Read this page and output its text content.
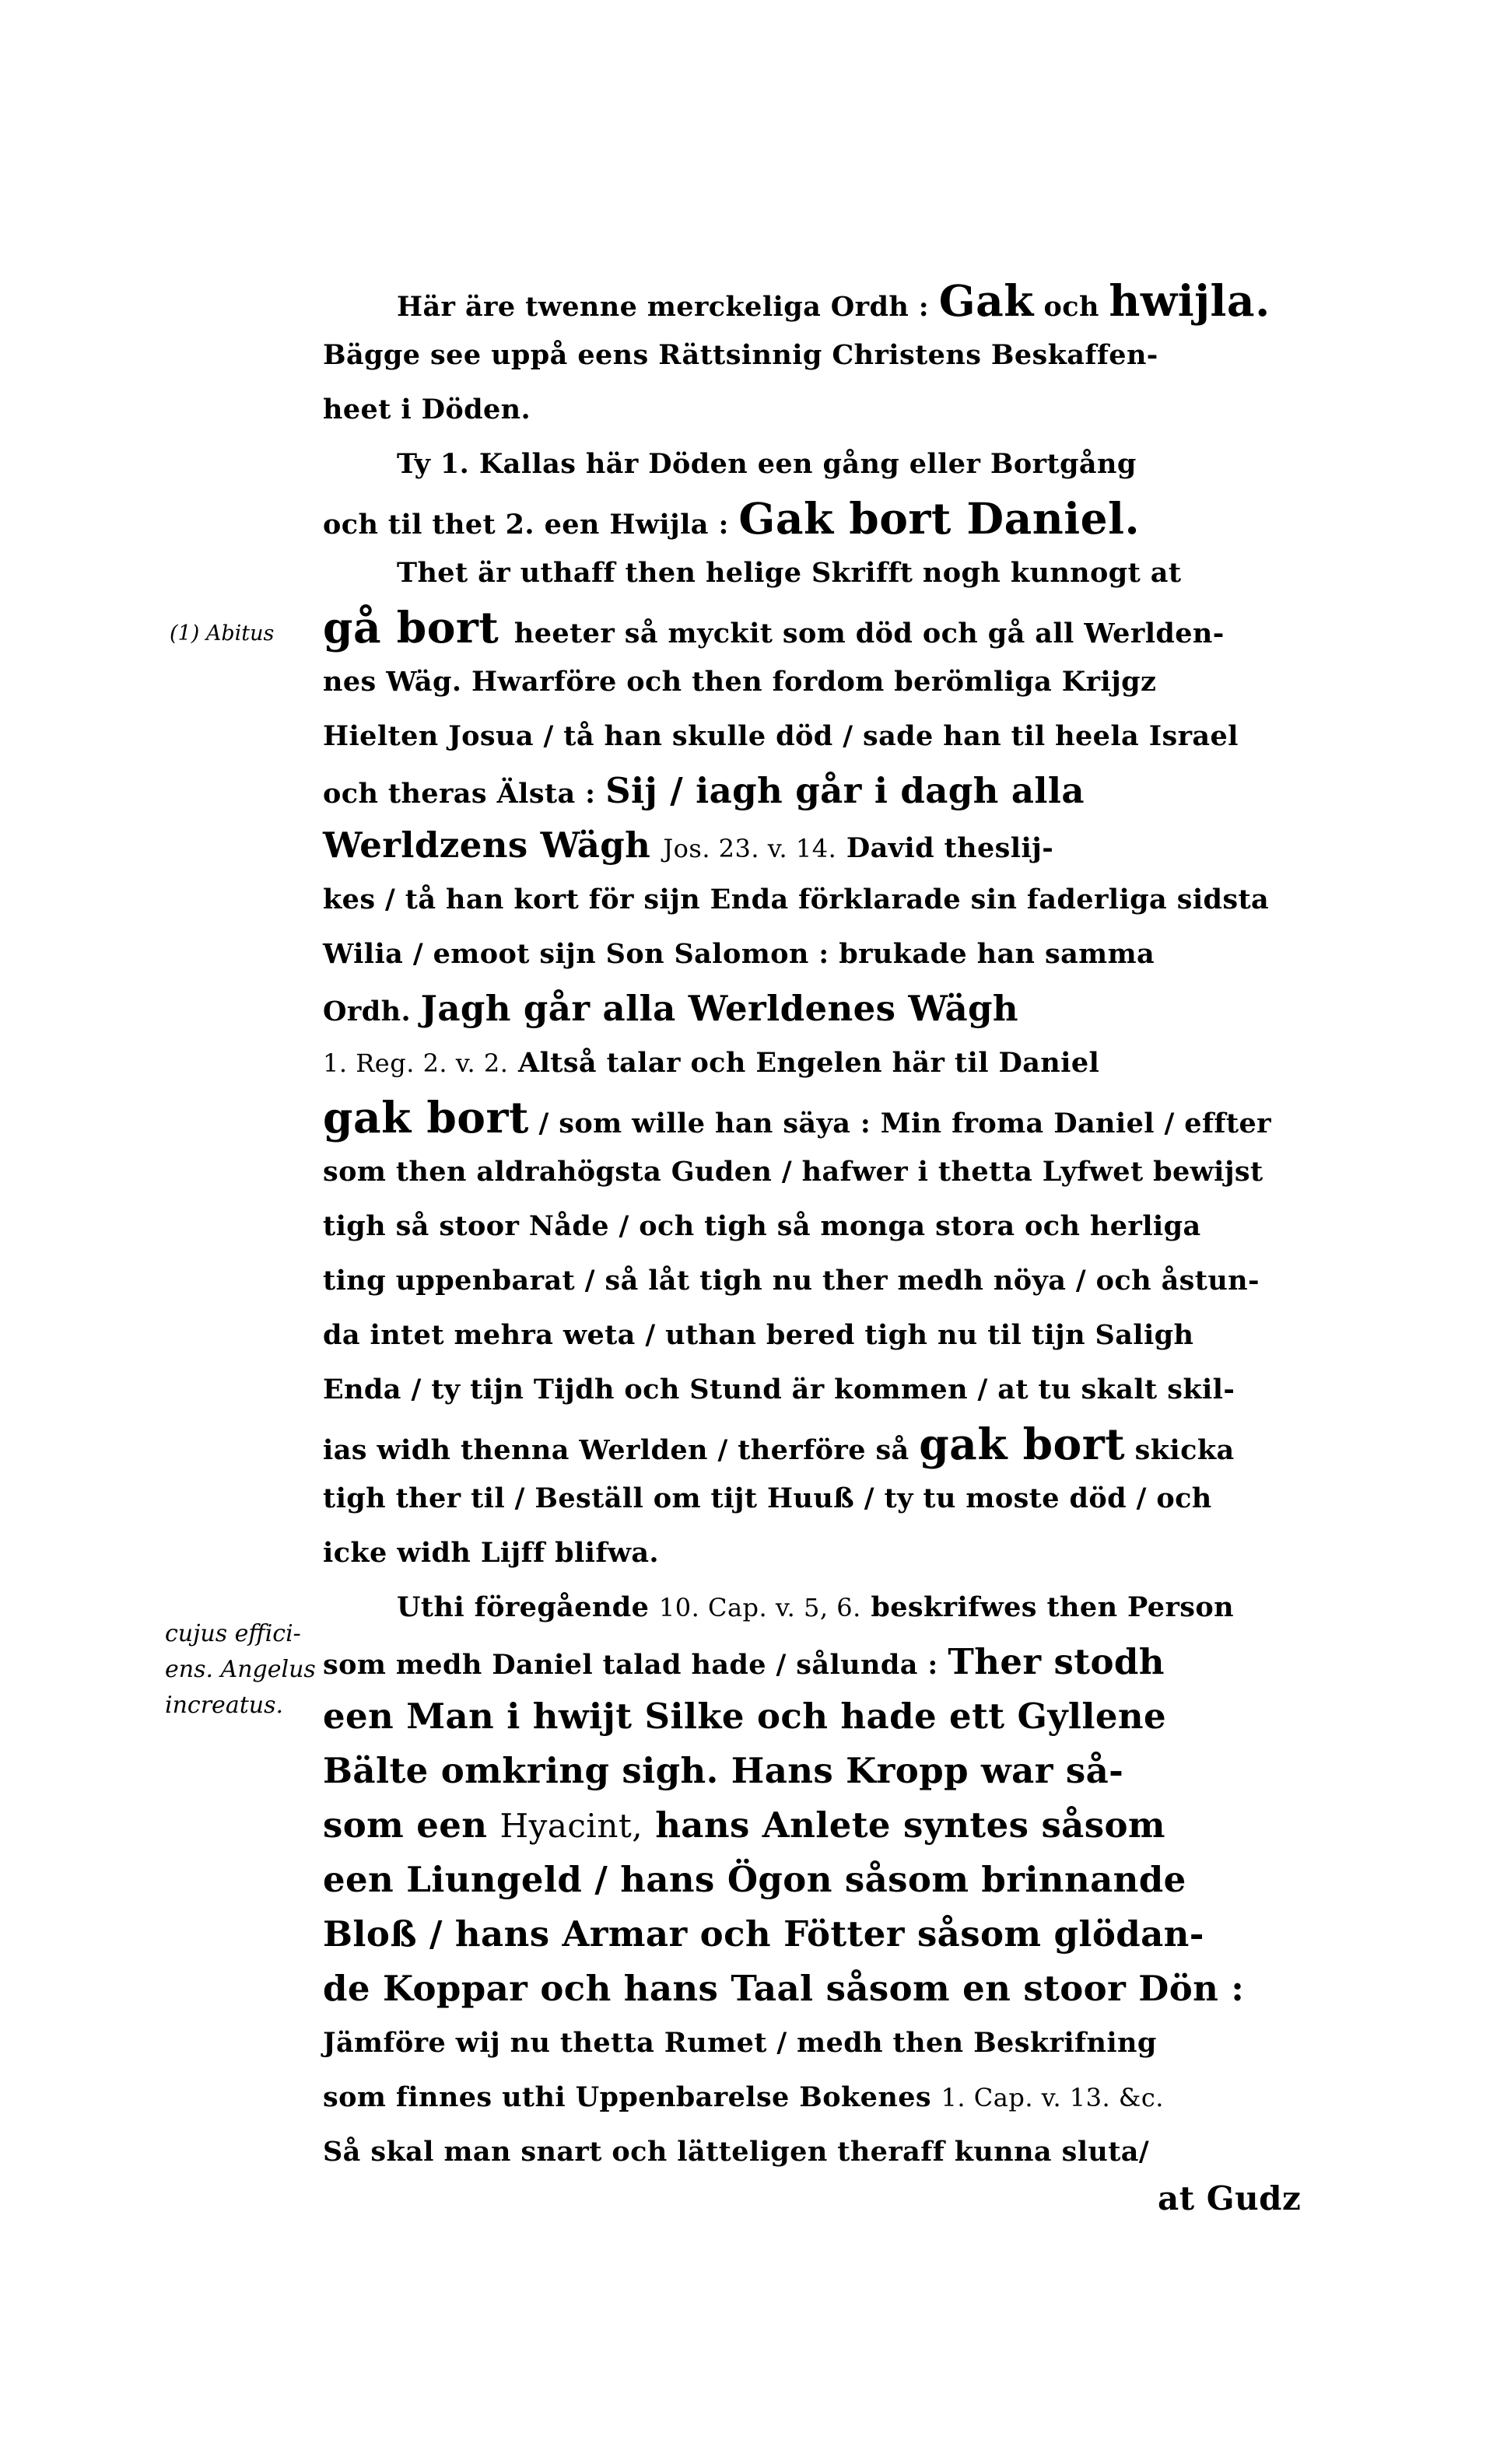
(1) Abitus
cujus effici-
ens. Angelus
increatus.
Här äre twenne merckeliga Ordh : Gak och hwijla.
Bägge see uppå eens Rättsinnig Christens Beskaffen-
heet i Döden.
Ty 1. Kallas här Döden een gång eller Bortgång
och til thet 2. een Hwijla : Gak bort Daniel.
Thet är uthaff then helige Skrifft nogh kunnogt at
gå bort heeter så myckit som död och gå all Werlden-
nes Wäg. Hwarföre och then fordom berömliga Krijgz
Hielten Josua / tå han skulle död / sade han til heela Israel
och theras Älsta : Sij / iagh går i dagh alla
Werldzens Wägh Jos. 23. v. 14. David theslij-
kes / tå han kort för sijn Enda förklarade sin faderliga sidsta
Wilia / emoot sijn Son Salomon : brukade han samma
Ordh. Jagh går alla Werldenes Wägh
1. Reg. 2. v. 2. Altså talar och Engelen här til Daniel
gak bort / som wille han säya : Min froma Daniel / effter
som then aldrahögsta Guden / hafwer i thetta Lyfwet bewijst
tigh så stoor Nåde / och tigh så monga stora och herliga
ting uppenbarat / så låt tigh nu ther medh nöya / och åstun-
da intet mehra weta / uthan bered tigh nu til tijn Saligh
Enda / ty tijn Tijdh och Stund är kommen / at tu skalt skil-
ias widh thenna Werlden / therföre så gak bort skicka
tigh ther til / Beställ om tijt Huuß / ty tu moste död / och
icke widh Lijff blifwa.
Uthi föregående 10. Cap. v. 5, 6. beskrifwes then Person
som medh Daniel talad hade / sålunda : Ther stodh
een Man i hwijt Silke och hade ett Gyllene
Bälte omkring sigh. Hans Kropp war så-
som een Hyacint, hans Anlete syntes såsom
een Liungeld / hans Ögon såsom brinnande
Bloß / hans Armar och Fötter såsom glödan-
de Koppar och hans Taal såsom en stoor Dön :
Jämföre wij nu thetta Rumet / medh then Beskrifning
som finnes uthi Uppenbarelse Bokenes 1. Cap. v. 13. &c.
Så skal man snart och lätteligen theraff kunna sluta/
at Gudz
